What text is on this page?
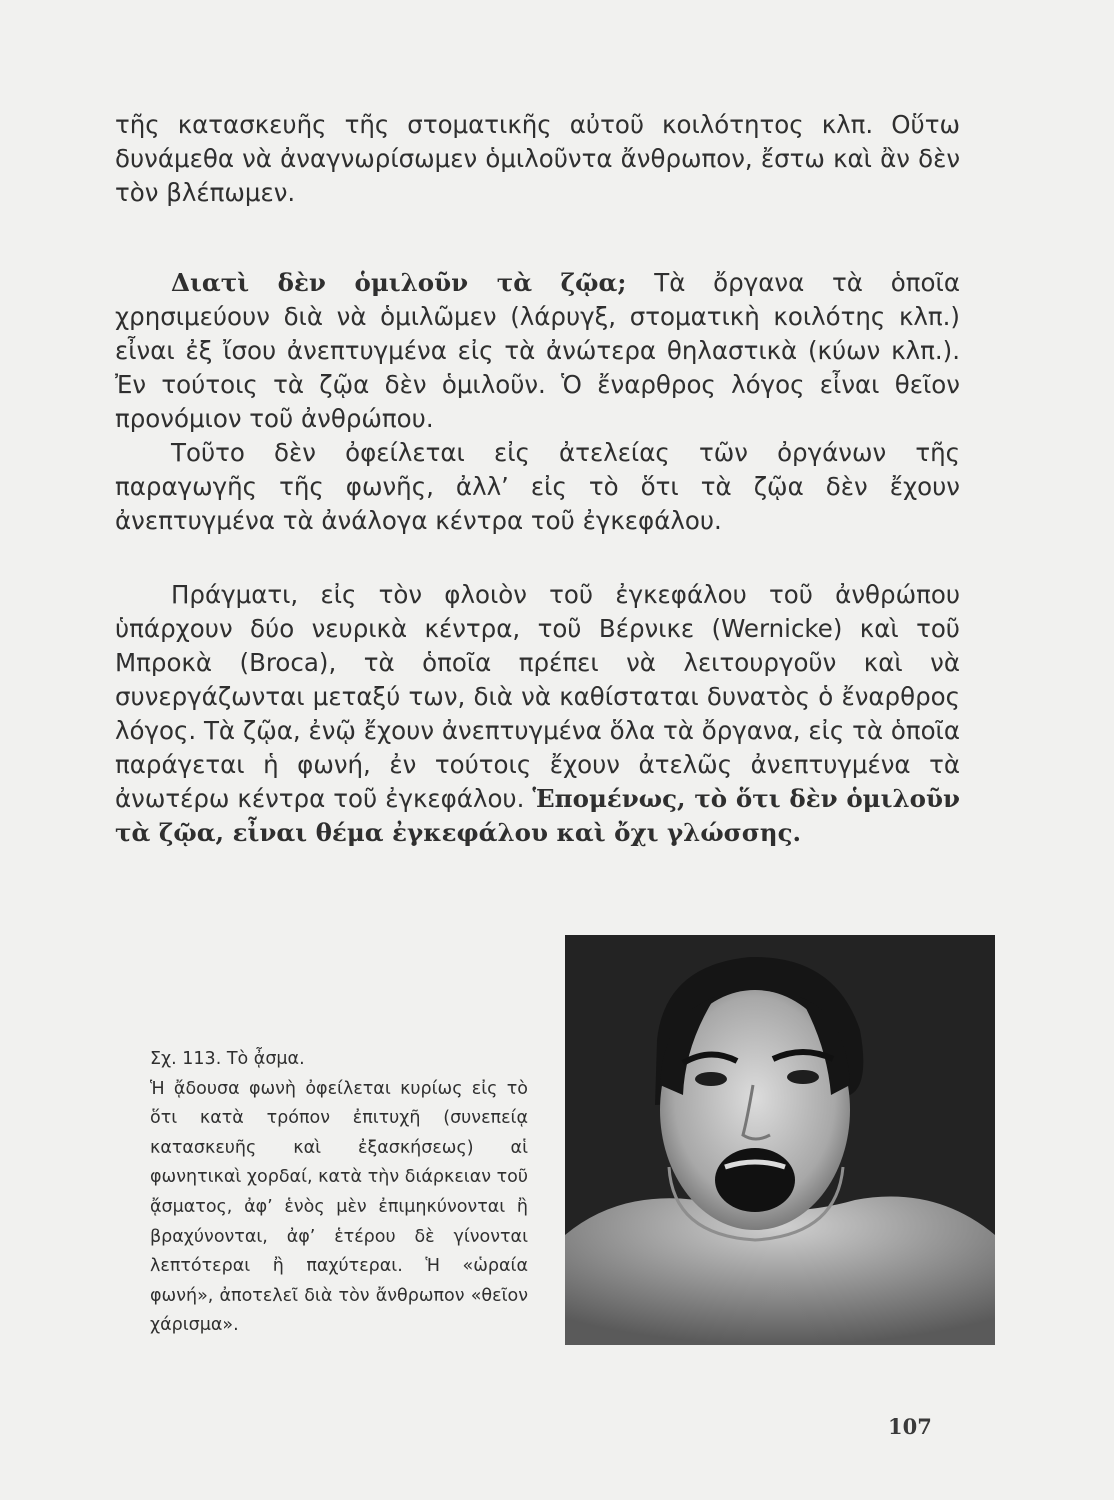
τῆς κατασκευῆς τῆς στοματικῆς αὐτοῦ κοιλότητος κλπ. Οὕτω δυνάμεθα νὰ ἀναγνωρίσωμεν ὁμιλοῦντα ἄνθρωπον, ἔστω καὶ ἂν δὲν τὸν βλέπωμεν.

Διατὶ δὲν ὁμιλοῦν τὰ ζῷα; Τὰ ὄργανα τὰ ὁποῖα χρησιμεύουν διὰ νὰ ὁμιλῶμεν (λάρυγξ, στοματικὴ κοιλότης κλπ.) εἶναι ἐξ ἴσου ἀνεπτυγμένα εἰς τὰ ἀνώτερα θηλαστικὰ (κύων κλπ.). Ἐν τούτοις τὰ ζῷα δὲν ὁμιλοῦν. Ὁ ἔναρθρος λόγος εἶναι θεῖον προνόμιον τοῦ ἀνθρώπου.

Τοῦτο δὲν ὀφείλεται εἰς ἀτελείας τῶν ὀργάνων τῆς παραγωγῆς τῆς φωνῆς, ἀλλ’ εἰς τὸ ὅτι τὰ ζῷα δὲν ἔχουν ἀνεπτυγμένα τὰ ἀνάλογα κέντρα τοῦ ἐγκεφάλου.

Πράγματι, εἰς τὸν φλοιὸν τοῦ ἐγκεφάλου τοῦ ἀνθρώπου ὑπάρχουν δύο νευρικὰ κέντρα, τοῦ Βέρνικε (Wernicke) καὶ τοῦ Μπροκὰ (Broca), τὰ ὁποῖα πρέπει νὰ λειτουργοῦν καὶ νὰ συνεργάζωνται μεταξύ των, διὰ νὰ καθίσταται δυνατὸς ὁ ἔναρθρος λόγος. Τὰ ζῷα, ἐνῷ ἔχουν ἀνεπτυγμένα ὅλα τὰ ὄργανα, εἰς τὰ ὁποῖα παράγεται ἡ φωνή, ἐν τούτοις ἔχουν ἀτελῶς ἀνεπτυγμένα τὰ ἀνωτέρω κέντρα τοῦ ἐγκεφάλου. Ἑπομένως, τὸ ὅτι δὲν ὁμιλοῦν τὰ ζῷα, εἶναι θέμα ἐγκεφάλου καὶ ὄχι γλώσσης.

Σχ. 113. Τὸ ᾆσμα.

Ἡ ᾄδουσα φωνὴ ὀφείλεται κυρίως εἰς τὸ ὅτι κατὰ τρόπον ἐπιτυχῆ (συνεπείᾳ κατασκευῆς καὶ ἐξασκήσεως) αἱ φωνητικαὶ χορδαί, κατὰ τὴν διάρκειαν τοῦ ᾄσματος, ἀφ’ ἑνὸς μὲν ἐπιμηκύνονται ἢ βραχύνονται, ἀφ’ ἑτέρου δὲ γίνονται λεπτότεραι ἢ παχύτεραι. Ἡ «ὡραία φωνή», ἀποτελεῖ διὰ τὸν ἄνθρωπον «θεῖον χάρισμα».

107
